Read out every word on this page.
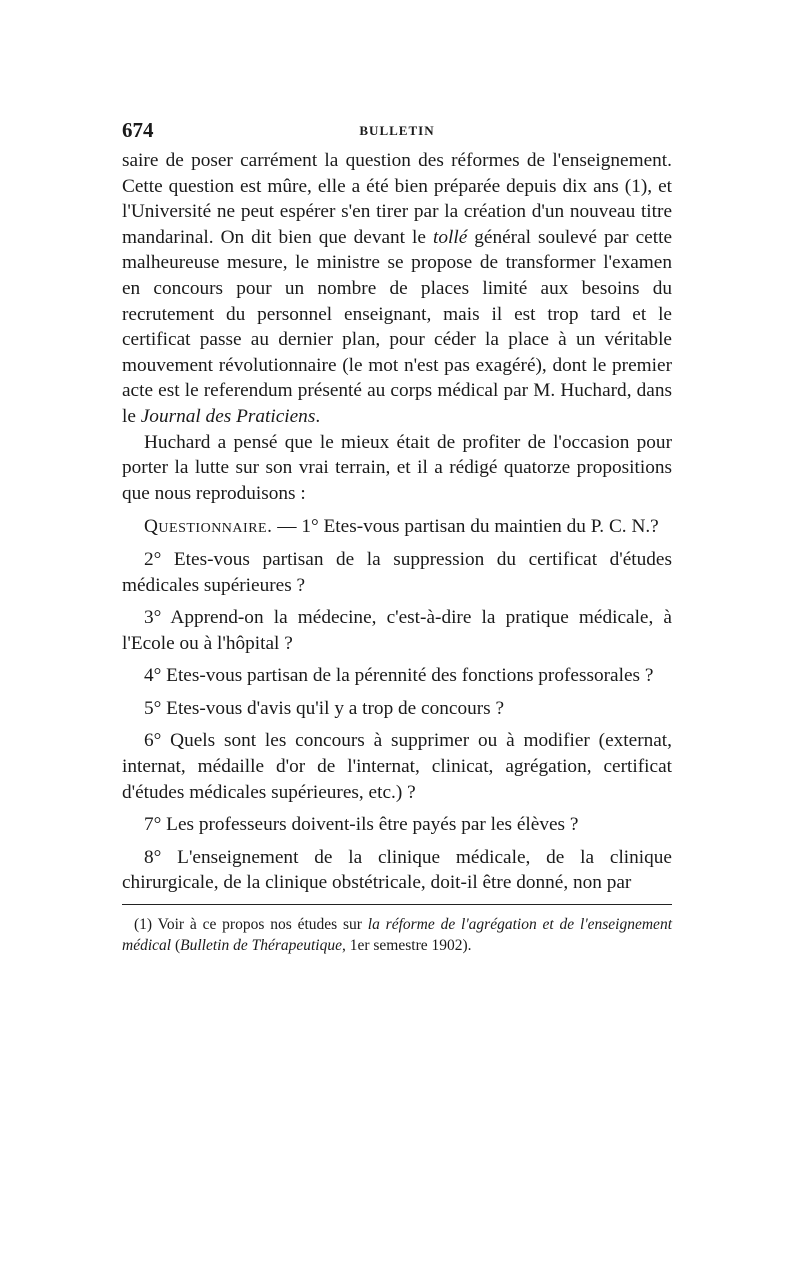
674	BULLETIN

saire de poser carrément la question des réformes de l'enseignement. Cette question est mûre, elle a été bien préparée depuis dix ans (1), et l'Université ne peut espérer s'en tirer par la création d'un nouveau titre mandarinal. On dit bien que devant le tollé général soulevé par cette malheureuse mesure, le ministre se propose de transformer l'examen en concours pour un nombre de places limité aux besoins du recrutement du personnel enseignant, mais il est trop tard et le certificat passe au dernier plan, pour céder la place à un véritable mouvement révolutionnaire (le mot n'est pas exagéré), dont le premier acte est le referendum présenté au corps médical par M. Huchard, dans le Journal des Praticiens.

Huchard a pensé que le mieux était de profiter de l'occasion pour porter la lutte sur son vrai terrain, et il a rédigé quatorze propositions que nous reproduisons :

Questionnaire. — 1° Etes-vous partisan du maintien du P. C. N.?

2° Etes-vous partisan de la suppression du certificat d'études médicales supérieures ?

3° Apprend-on la médecine, c'est-à-dire la pratique médicale, à l'Ecole ou à l'hôpital ?

4° Etes-vous partisan de la pérennité des fonctions professorales ?

5° Etes-vous d'avis qu'il y a trop de concours ?

6° Quels sont les concours à supprimer ou à modifier (externat, internat, médaille d'or de l'internat, clinicat, agrégation, certificat d'études médicales supérieures, etc.) ?

7° Les professeurs doivent-ils être payés par les élèves ?

8° L'enseignement de la clinique médicale, de la clinique chirurgicale, de la clinique obstétricale, doit-il être donné, non par

(1) Voir à ce propos nos études sur la réforme de l'agrégation et de l'enseignement médical (Bulletin de Thérapeutique, 1er semestre 1902).
